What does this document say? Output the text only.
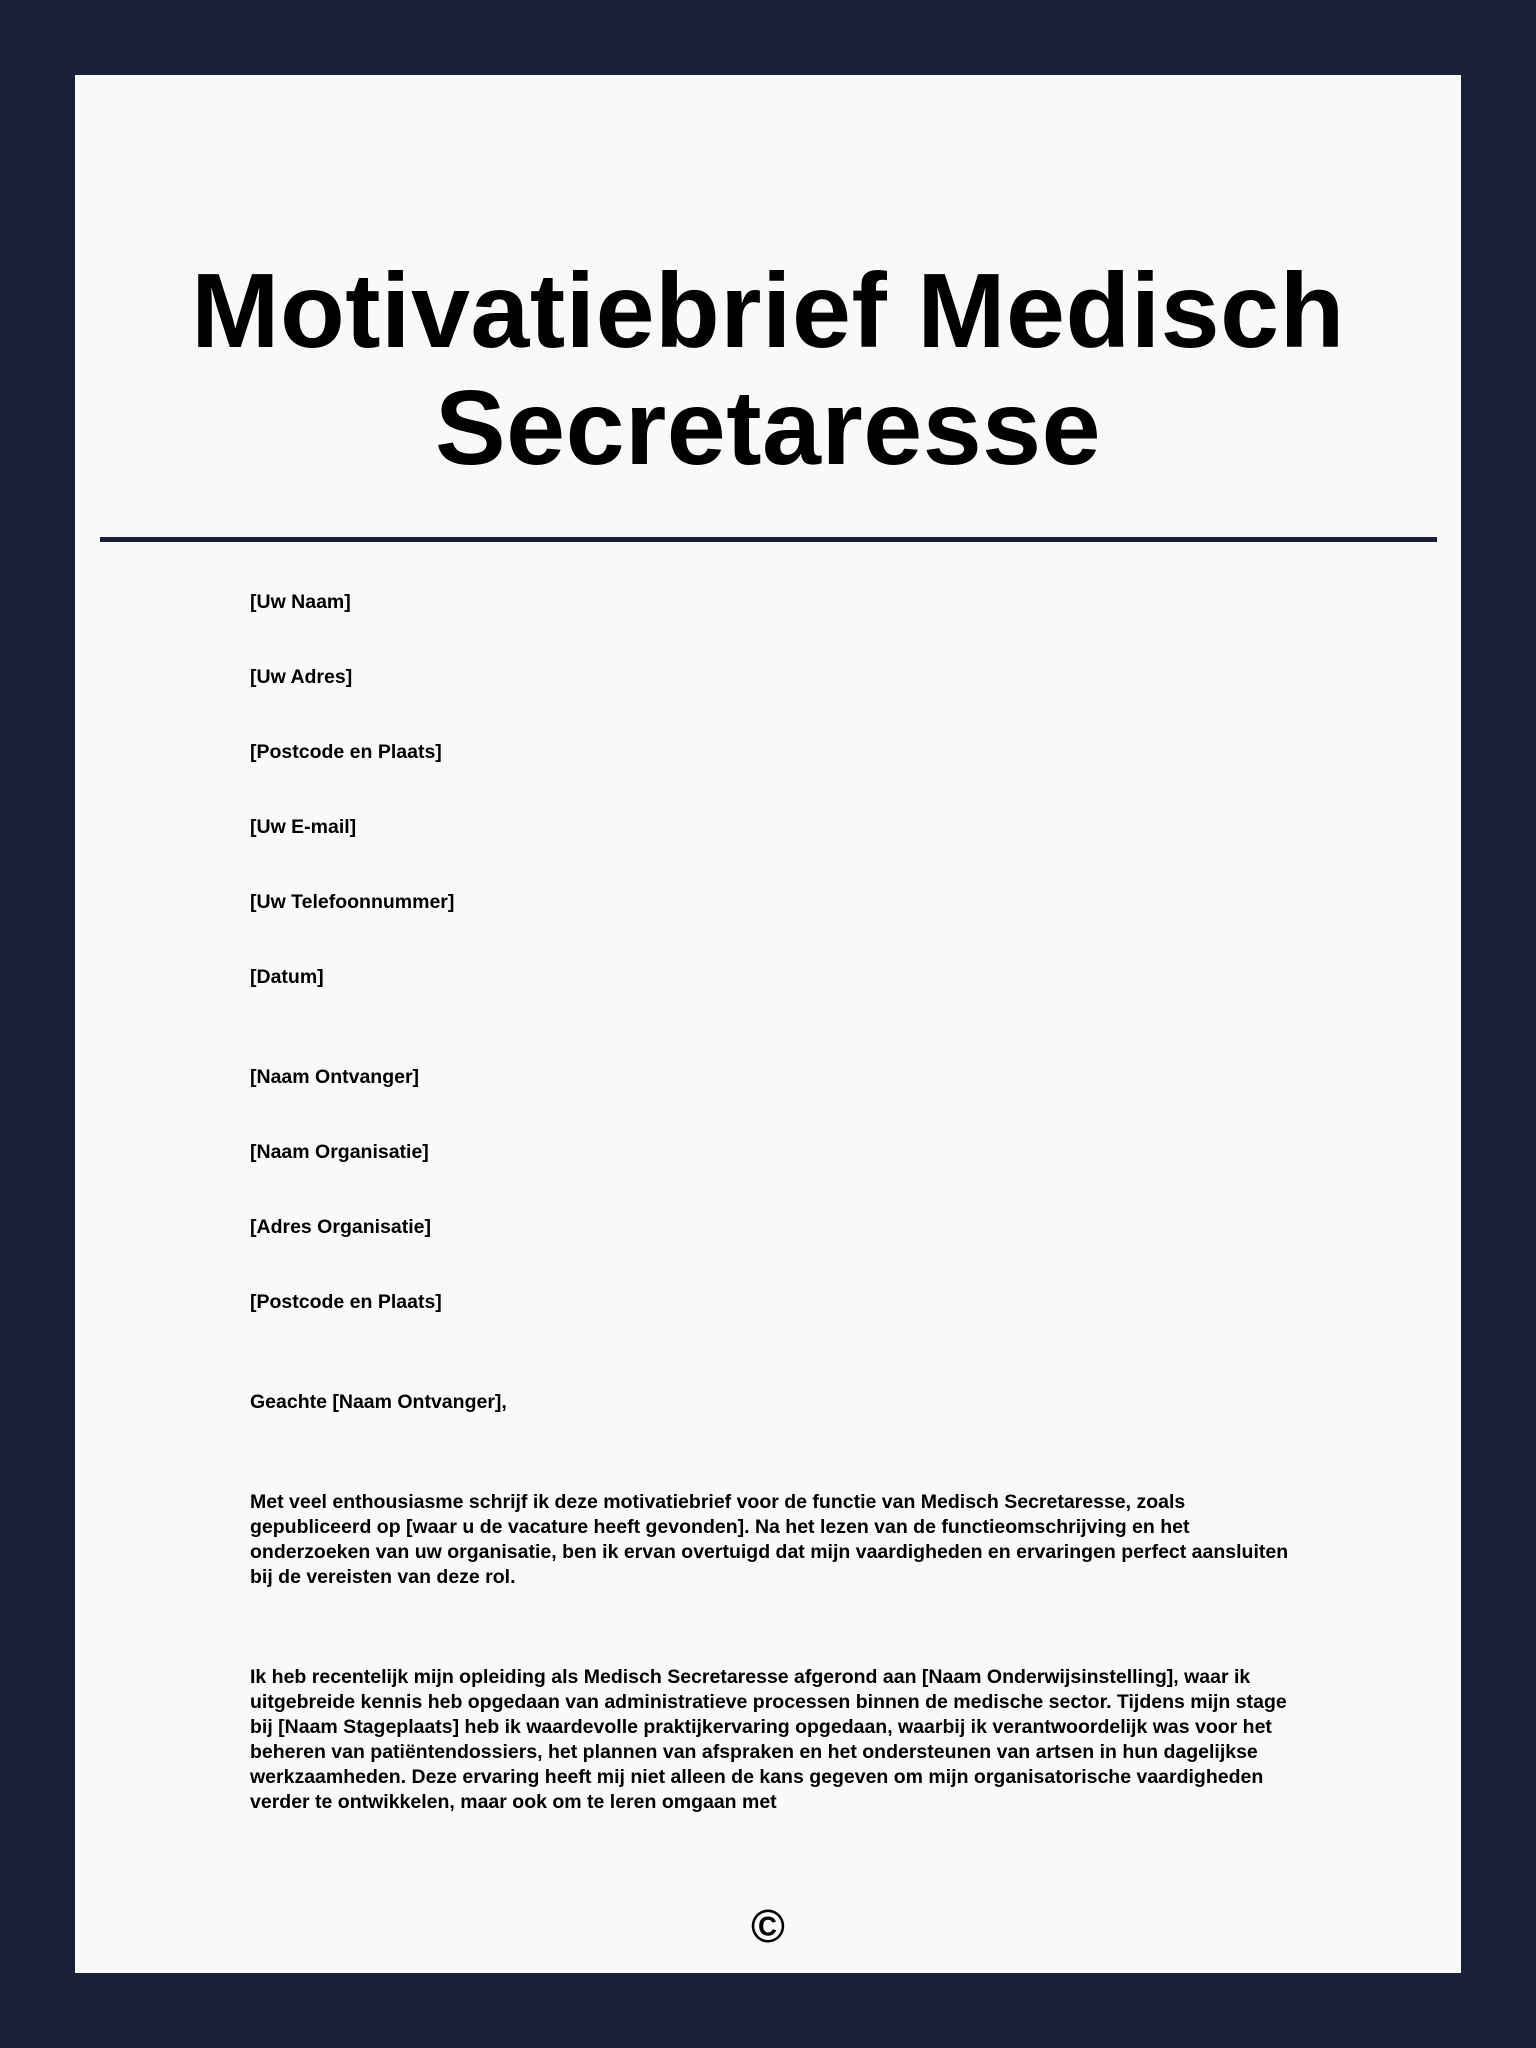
Motivatiebrief Medisch Secretaresse

[Uw Naam]

[Uw Adres]

[Postcode en Plaats]

[Uw E-mail]

[Uw Telefoonnummer]

[Datum]

[Naam Ontvanger]

[Naam Organisatie]

[Adres Organisatie]

[Postcode en Plaats]

Geachte [Naam Ontvanger],

Met veel enthousiasme schrijf ik deze motivatiebrief voor de functie van Medisch Secretaresse, zoals gepubliceerd op [waar u de vacature heeft gevonden]. Na het lezen van de functieomschrijving en het onderzoeken van uw organisatie, ben ik ervan overtuigd dat mijn vaardigheden en ervaringen perfect aansluiten bij de vereisten van deze rol.

Ik heb recentelijk mijn opleiding als Medisch Secretaresse afgerond aan [Naam Onderwijsinstelling], waar ik uitgebreide kennis heb opgedaan van administratieve processen binnen de medische sector. Tijdens mijn stage bij [Naam Stageplaats] heb ik waardevolle praktijkervaring opgedaan, waarbij ik verantwoordelijk was voor het beheren van patiëntendossiers, het plannen van afspraken en het ondersteunen van artsen in hun dagelijkse werkzaamheden. Deze ervaring heeft mij niet alleen de kans gegeven om mijn organisatorische vaardigheden verder te ontwikkelen, maar ook om te leren omgaan met

©
